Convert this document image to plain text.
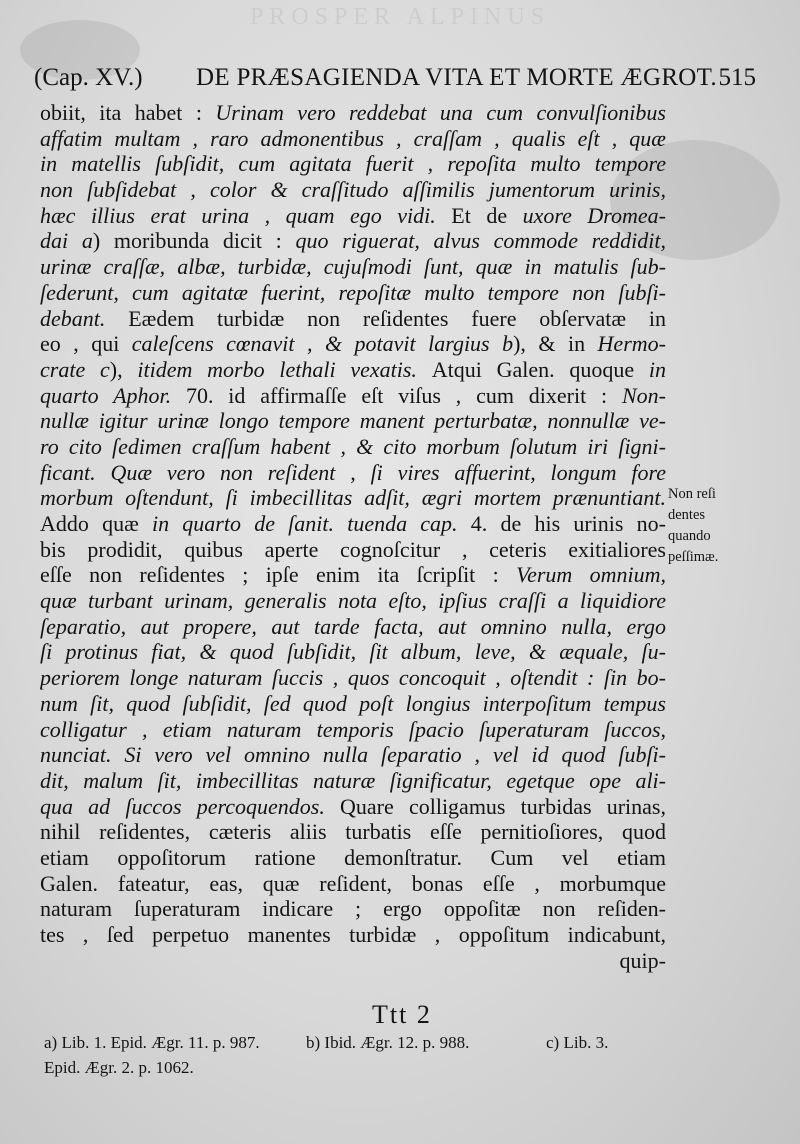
PROSPER ALPINUS
(Cap. XV.) DE PRÆSAGIENDA VITA ET MORTE ÆGROT. 515
obiit, ita habet : Urinam vero reddebat una cum convulſionibus
affatim multam , raro admonentibus , craſſam , qualis eſt , quæ
in matellis ſubſidit, cum agitata fuerit , repoſita multo tempore
non ſubſidebat , color & craſſitudo aſſimilis jumentorum urinis,
hæc illius erat urina , quam ego vidi. Et de uxore Dromea-
dai a) moribunda dicit : quo riguerat, alvus commode reddidit,
urinæ craſſæ, albæ, turbidæ, cujuſmodi ſunt, quæ in matulis ſub-
ſederunt, cum agitatæ fuerint, repoſitæ multo tempore non ſubſi-
debant. Eædem turbidæ non reſidentes fuere obſervatæ in
eo , qui caleſcens cœnavit , & potavit largius b), & in Hermo-
crate c), itidem morbo lethali vexatis. Atqui Galen. quoque in
quarto Aphor. 70. id affirmaſſe eſt viſus , cum dixerit : Non-
nullæ igitur urinæ longo tempore manent perturbatæ, nonnullæ ve-
ro cito ſedimen craſſum habent , & cito morbum ſolutum iri ſigni-
ficant. Quæ vero non reſident , ſi vires affuerint, longum fore
morbum oſtendunt, ſi imbecillitas adſit, ægri mortem prænuntiant.
Addo quæ in quarto de ſanit. tuenda cap. 4. de his urinis no-
bis prodidit, quibus aperte cognoſcitur , ceteris exitialiores
eſſe non reſidentes ; ipſe enim ita ſcripſit : Verum omnium,
quæ turbant urinam, generalis nota eſto, ipſius craſſi a liquidiore
ſeparatio, aut propere, aut tarde facta, aut omnino nulla, ergo
ſi protinus fiat, & quod ſubſidit, ſit album, leve, & æquale, ſu-
periorem longe naturam ſuccis , quos concoquit , oſtendit : ſin bo-
num ſit, quod ſubſidit, ſed quod poſt longius interpoſitum tempus
colligatur , etiam naturam temporis ſpacio ſuperaturam ſuccos,
nunciat. Si vero vel omnino nulla ſeparatio , vel id quod ſubſi-
dit, malum ſit, imbecillitas naturæ ſignificatur, egetque ope ali-
qua ad ſuccos percoquendos. Quare colligamus turbidas urinas,
nihil reſidentes, cæteris aliis turbatis eſſe pernitioſiores, quod
etiam oppoſitorum ratione demonſtratur. Cum vel etiam
Galen. fateatur, eas, quæ reſident, bonas eſſe , morbumque
naturam ſuperaturam indicare ; ergo oppoſitæ non reſiden-
tes , ſed perpetuo manentes turbidæ , oppoſitum indicabunt,
quip-
Non reſi
dentes
quando
peſſimæ.
Ttt 2
a) Lib. 1. Epid. Ægr. 11. p. 987.	b) Ibid. Ægr. 12. p. 988.	c) Lib. 3.
Epid. Ægr. 2. p. 1062.
